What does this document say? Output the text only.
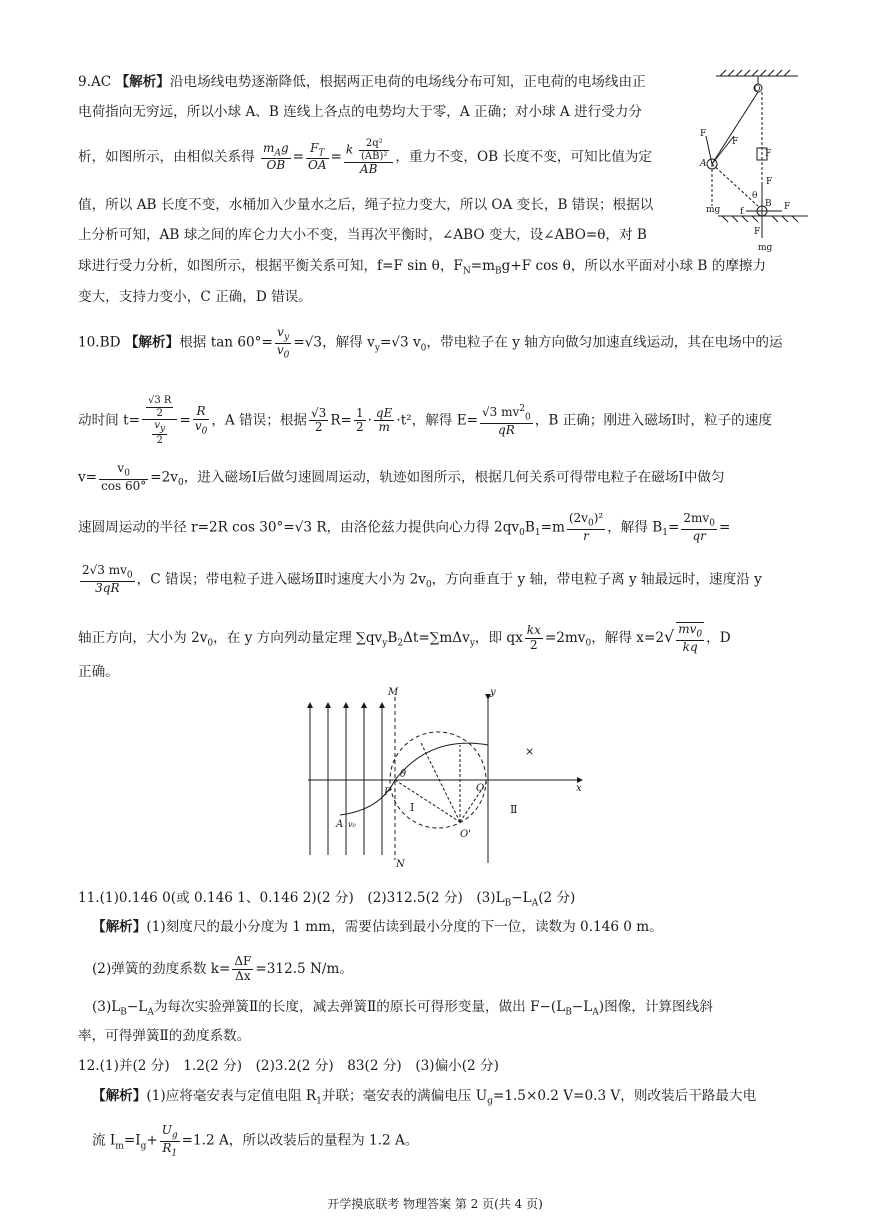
9.AC 【解析】沿电场线电势逐渐降低，根据两正电荷的电场线分布可知，正电荷的电场线由正
电荷指向无穷远，所以小球 A、B 连线上各点的电势均大于零，A 正确；对小球 A 进行受力分
析，如图所示，由相似关系得 $\frac{m_Ag}{OB} = \frac{F_T}{OA} = \frac{k \frac{\text{2q²}}{\text{(AB)²}}}{AB}$ ，重力不变，OB 长度不变，可知比值为定
值，所以 AB 长度不变，水桶加入少量水之后，绳子拉力变大，所以 OA 变长，B 错误；根据以
上分析可知，AB 球之间的库仑力大小不变，当再次平衡时，∠ABO 变大，设∠ABO=θ，对 B
球进行受力分析，如图所示，根据平衡关系可知，f=F sin θ，$F_N=m_Bg+F$ cos θ，所以水平面对小球 B 的摩擦力
变大，支持力变小，C 正确，D 错误。
O
A
B
F
F
F
F
f	F
F
mg
mg
θ
10.BD 【解析】根据 $\tan 60^\circ= \frac{v_y}{v_0} =√3$，解得 $v_y=√3$ $v_0$，带电粒子在 y 轴方向做匀加速直线运动，其在电场中的运
动时间 $t= \frac{\frac{√3 R}{2}}{\frac{v_y}{2}} = \frac{R}{v_0}$ ，A 错误；根据 $\frac{√3}{2} R= \frac{1}{2} \cdot \frac{qE}{m} \cdot t^2$，解得 $E= \frac{√3 mv^2_0}{qR}$ ，B 正确；刚进入磁场Ⅰ时，粒子的速度
$v= \frac{v_0}{\cos 60^\circ} =2v_0$，进入磁场Ⅰ后做匀速圆周运动，轨迹如图所示，根据几何关系可得带电粒子在磁场Ⅰ中做匀
速圆周运动的半径 r=2R cos 30°=√3 R，由洛伦兹力提供向心力得 $2qv_0B_1=m \frac{(2v_0)^2}{r}$ ，解得 $B_1= \frac{2mv_0}{qr}$ =
$\frac{2√3 mv_0}{3qR}$ ，C 错误；带电粒子进入磁场Ⅱ时速度大小为 $2v_0$，方向垂直于 y 轴，带电粒子离 y 轴最远时，速度沿 y
轴正方向，大小为 $2v_0$，在 y 方向列动量定理 $\sum qv_yB_2\Delta t=\sum m\Delta v_y$，即 qx $\frac{kx}{2} =2mv_0$，解得 $x=2√ \frac{mv_0}{kq}$ ，D
正确。
M
N
y
x
O
O'
A
P
θ
v₀
×
Ⅰ	Ⅱ
11.(1)0.146 0(或 0.146 1、0.146 2)(2 分)　(2)312.5(2 分)　$(3)L_B-L_A(2$ 分)
【解析】(1)刻度尺的最小分度为 1 mm，需要估读到最小分度的下一位，读数为 0.146 0 m。
(2)弹簧的劲度系数 $k= \frac{\Delta F}{\Delta x} =312.5$ N/m。
$(3)L_B-L_A$为每次实验弹簧Ⅱ的长度，减去弹簧Ⅱ的原长可得形变量，做出 $F-(L_B-L_A)$图像，计算图线斜
率，可得弹簧Ⅱ的劲度系数。
12.(1)并(2 分)　1.2(2 分)　(2)3.2(2 分)　83(2 分)　(3)偏小(2 分)
【解析】(1)应将毫安表与定值电阻 $R_1$并联；毫安表的满偏电压 $U_g=1.5\times 0.2$ V=0.3 V，则改装后干路最大电
流 $I_m=I_g+ \frac{U_g}{R_1} =1.2$ A，所以改装后的量程为 1.2 A。
开学摸底联考 物理答案 第 2 页(共 4 页)
